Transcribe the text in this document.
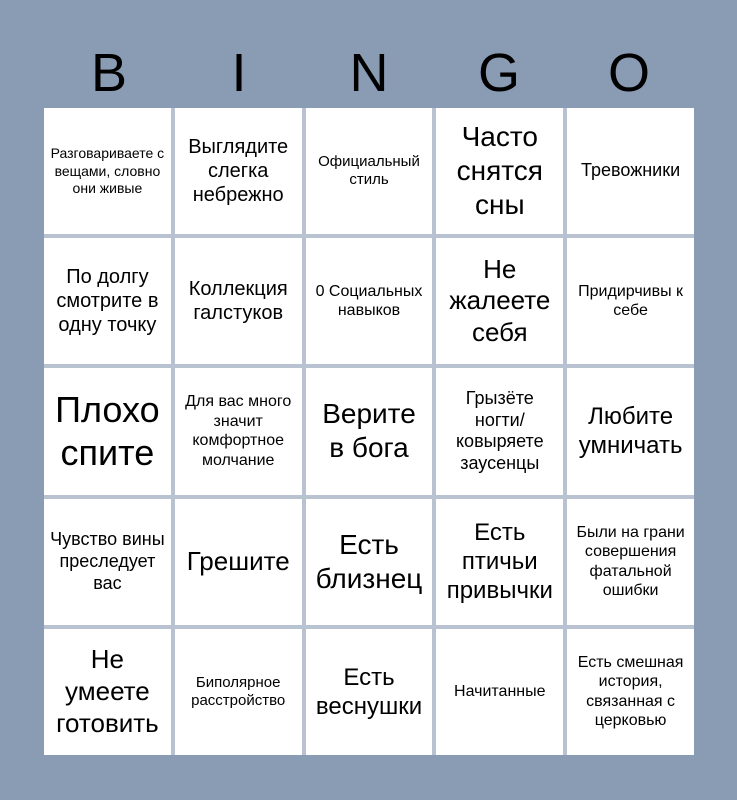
B	I	N	G	O
Разговариваете с вещами, словно они живые
Выглядите слегка небрежно
Официальный стиль
Часто снятся сны
Тревожники
По долгу смотрите в одну точку
Коллекция галстуков
0 Социальных навыков
Не жалеете себя
Придирчивы к себе
Плохо спите
Для вас много значит комфортное молчание
Верите в бога
Грызёте ногти/ковыряете заусенцы
Любите умничать
Чувство вины преследует вас
Грешите
Есть близнец
Есть птичьи привычки
Были на грани совершения фатальной ошибки
Не умеете готовить
Биполярное расстройство
Есть веснушки
Начитанные
Есть смешная история, связанная с церковью
